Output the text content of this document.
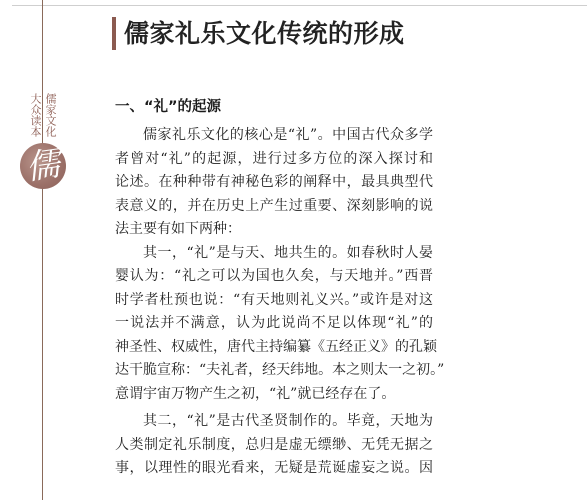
儒家礼乐文化传统的形成
儒家文化
大众读本
儒
一、“礼”的起源
儒家礼乐文化的核心是“礼”。中国古代众多学
者曾对“礼”的起源，进行过多方位的深入探讨和
论述。在种种带有神秘色彩的阐释中，最具典型代
表意义的，并在历史上产生过重要、深刻影响的说
法主要有如下两种：
其一，“礼”是与天、地共生的。如春秋时人晏
婴认为：“礼之可以为国也久矣，与天地并。”西晋
时学者杜预也说：“有天地则礼义兴。”或许是对这
一说法并不满意，认为此说尚不足以体现“礼”的
神圣性、权威性，唐代主持编纂《五经正义》的孔颖
达干脆宣称：“夫礼者，经天纬地。本之则太一之初。”
意谓宇宙万物产生之初，“礼”就已经存在了。
其二，“礼”是古代圣贤制作的。毕竟，天地为
人类制定礼乐制度，总归是虚无缥缈、无凭无据之
事，以理性的眼光看来，无疑是荒诞虚妄之说。因
